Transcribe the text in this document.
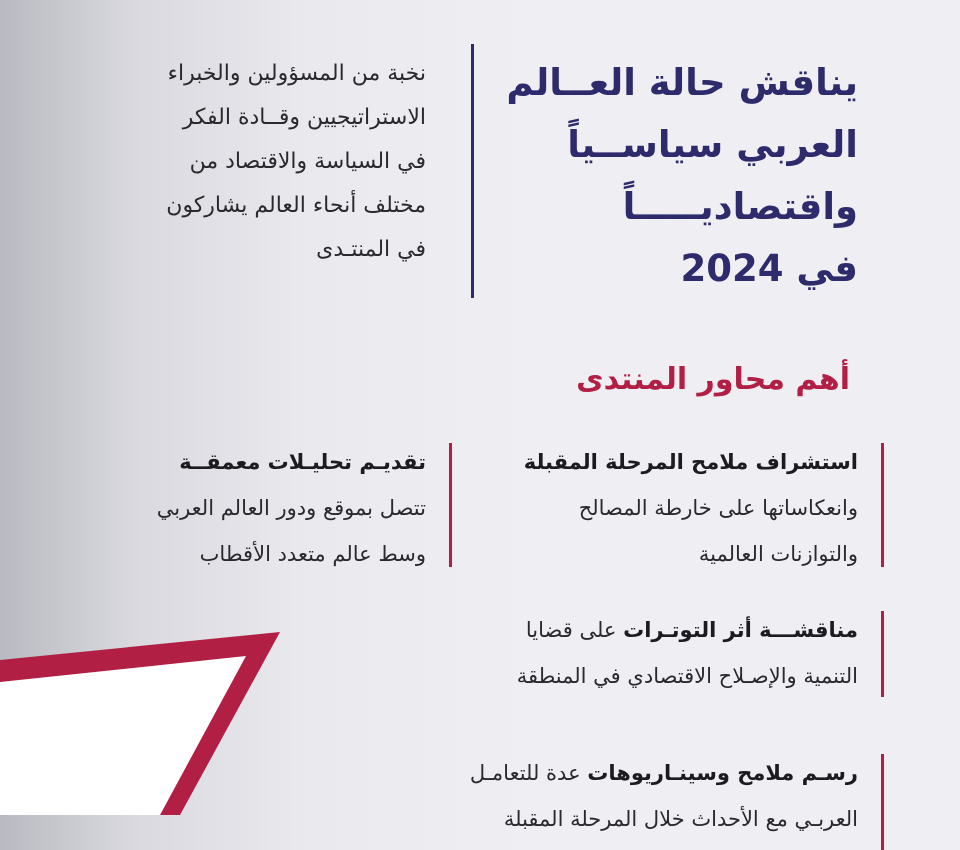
يناقش حالة العــالم
العربي سياســياً
واقتصاديـــــاً
في 2024

نخبة من المسؤولين والخبراء
الاستراتيجيين وقــادة الفكر
في السياسة والاقتصاد من
مختلف أنحاء العالم يشاركون
في المنتـدى

أهم محاور المنتدى
استشراف ملامح المرحلة المقبلة
وانعكاساتها على خارطة المصالح
والتوازنات العالمية
تقديـم تحليـلات معمقــة
تتصل بموقع ودور العالم العربي
وسط عالم متعدد الأقطاب
مناقشـــة أثر التوتـرات على قضايا
التنمية والإصـلاح الاقتصادي في المنطقة
رسـم ملامح وسينـاريوهات عدة للتعامـل
العربـي مع الأحداث خلال المرحلة المقبلة
